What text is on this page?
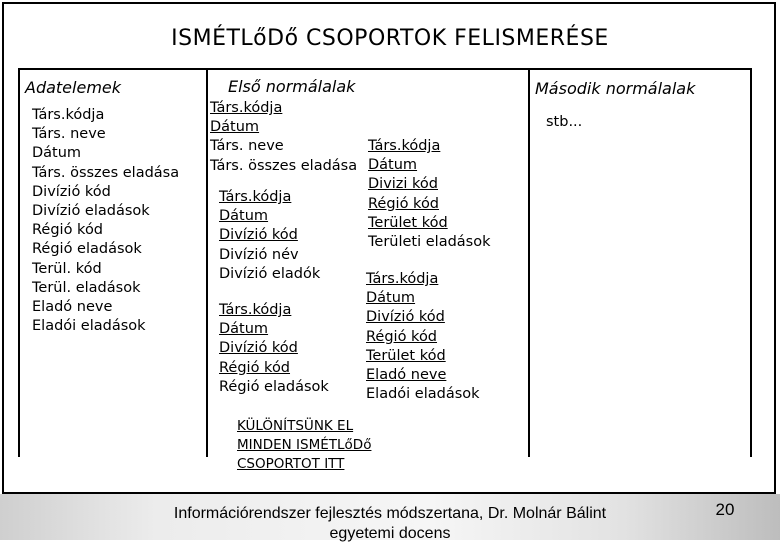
ISMÉTLőDő CSOPORTOK FELISMERÉSE
Adatelemek	Első normálalak	Második normálalak
Társ.kódja
Társ. neve
Dátum
Társ. összes eladása
Divízió kód
Divízió eladások
Régió kód
Régió eladások
Terül. kód
Terül. eladások
Eladó neve
Eladói eladások
Társ.kódja
Dátum
Társ. neve
Társ. összes eladása
Társ.kódja
Dátum
Divízió kód
Divízió név
Divízió eladók
Társ.kódja
Dátum
Divízió kód
Régió kód
Régió eladások
Társ.kódja
Dátum
Divizi kód
Régió kód
Terület kód
Területi eladások
Társ.kódja
Dátum
Divízió kód
Régió kód
Terület kód
Eladó neve
Eladói eladások
stb...
KÜLÖNÍTSÜNK EL
MINDEN ISMÉTLőDő
CSOPORTOT ITT
Információrendszer fejlesztés módszertana, Dr. Molnár Bálint
egyetemi docens
20
